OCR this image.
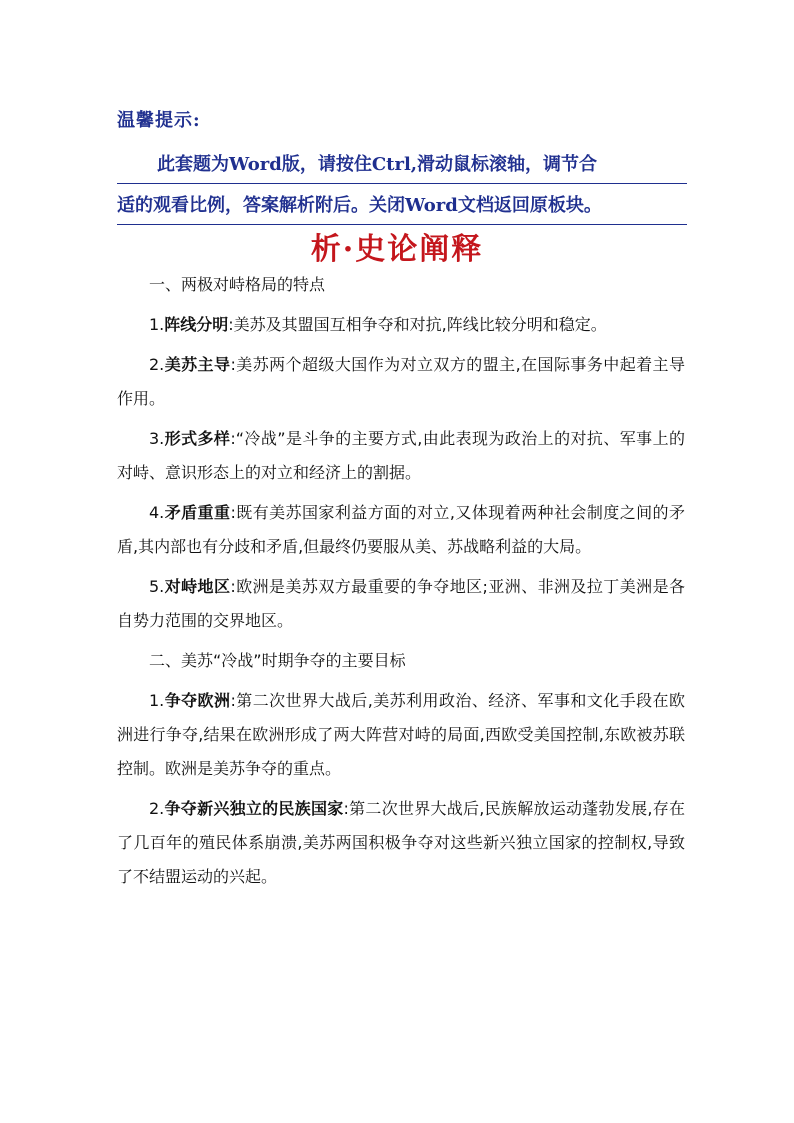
温馨提示:
此套题为Word版，请按住Ctrl,滑动鼠标滚轴，调节合
适的观看比例，答案解析附后。关闭Word文档返回原板块。
析·史论阐释

一、两极对峙格局的特点

1.阵线分明:美苏及其盟国互相争夺和对抗,阵线比较分明和稳定。

2.美苏主导:美苏两个超级大国作为对立双方的盟主,在国际事务中起着主导作用。

3.形式多样:“冷战”是斗争的主要方式,由此表现为政治上的对抗、军事上的对峙、意识形态上的对立和经济上的割据。

4.矛盾重重:既有美苏国家利益方面的对立,又体现着两种社会制度之间的矛盾,其内部也有分歧和矛盾,但最终仍要服从美、苏战略利益的大局。

5.对峙地区:欧洲是美苏双方最重要的争夺地区;亚洲、非洲及拉丁美洲是各自势力范围的交界地区。

二、美苏“冷战”时期争夺的主要目标

1.争夺欧洲:第二次世界大战后,美苏利用政治、经济、军事和文化手段在欧洲进行争夺,结果在欧洲形成了两大阵营对峙的局面,西欧受美国控制,东欧被苏联控制。欧洲是美苏争夺的重点。

2.争夺新兴独立的民族国家:第二次世界大战后,民族解放运动蓬勃发展,存在了几百年的殖民体系崩溃,美苏两国积极争夺对这些新兴独立国家的控制权,导致了不结盟运动的兴起。
